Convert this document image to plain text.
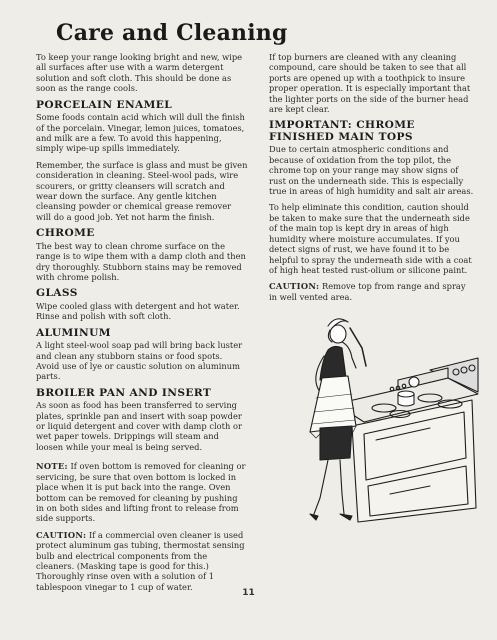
Care and Cleaning

To keep your range looking bright and new, wipe all surfaces after use with a warm detergent solution and soft cloth. This should be done as soon as the range cools.

PORCELAIN ENAMEL

Some foods contain acid which will dull the finish of the porcelain. Vinegar, lemon juices, tomatoes, and milk are a few. To avoid this happening, simply wipe-up spills immediately.

Remember, the surface is glass and must be given consideration in cleaning. Steel-wool pads, wire scourers, or gritty cleansers will scratch and wear down the surface. Any gentle kitchen cleansing powder or chemical grease remover will do a good job. Yet not harm the finish.

CHROME

The best way to clean chrome surface on the range is to wipe them with a damp cloth and then dry thoroughly. Stubborn stains may be removed with chrome polish.

GLASS

Wipe cooled glass with detergent and hot water. Rinse and polish with soft cloth.

ALUMINUM

A light steel-wool soap pad will bring back luster and clean any stubborn stains or food spots. Avoid use of lye or caustic solution on aluminum parts.

BROILER PAN AND INSERT

As soon as food has been transferred to serving plates, sprinkle pan and insert with soap powder or liquid detergent and cover with damp cloth or wet paper towels. Drippings will steam and loosen while your meal is being served.

NOTE: If oven bottom is removed for cleaning or servicing, be sure that oven bottom is locked in place when it is put back into the range. Oven bottom can be removed for cleaning by pushing in on both sides and lifting front to release from side supports.

CAUTION: If a commercial oven cleaner is used protect aluminum gas tubing, thermostat sensing bulb and electrical components from the cleaners. (Masking tape is good for this.) Thoroughly rinse oven with a solution of 1 tablespoon vinegar to 1 cup of water.

If top burners are cleaned with any cleaning compound, care should be taken to see that all ports are opened up with a toothpick to insure proper operation. It is especially important that the lighter ports on the side of the burner head are kept clear.

IMPORTANT: CHROME FINISHED MAIN TOPS

Due to certain atmospheric conditions and because of oxidation from the top pilot, the chrome top on your range may show signs of rust on the underneath side. This is especially true in areas of high humidity and salt air areas.

To help eliminate this condition, caution should be taken to make sure that the underneath side of the main top is kept dry in areas of high humidity where moisture accumulates. If you detect signs of rust, we have found it to be helpful to spray the underneath side with a coat of high heat tested rust-olium or silicone paint.

CAUTION: Remove top from range and spray in well vented area.

11
